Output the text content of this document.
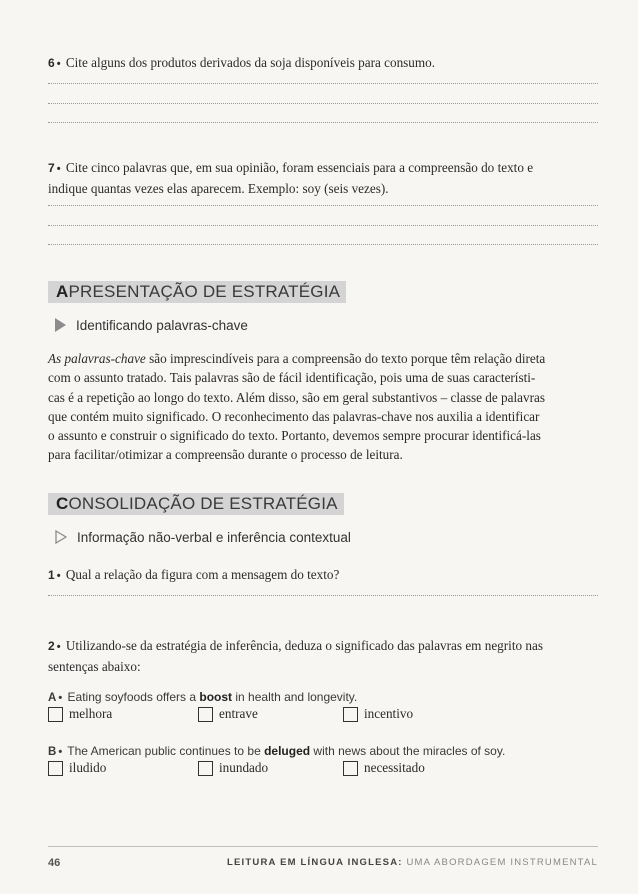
6 • Cite alguns dos produtos derivados da soja disponíveis para consumo.
7 • Cite cinco palavras que, em sua opinião, foram essenciais para a compreensão do texto e
indique quantas vezes elas aparecem. Exemplo: soy (seis vezes).
APRESENTAÇÃO DE ESTRATÉGIA
Identificando palavras-chave
As palavras-chave são imprescindíveis para a compreensão do texto porque têm relação direta
com o assunto tratado. Tais palavras são de fácil identificação, pois uma de suas característi-
cas é a repetição ao longo do texto. Além disso, são em geral substantivos – classe de palavras
que contém muito significado. O reconhecimento das palavras-chave nos auxilia a identificar
o assunto e construir o significado do texto. Portanto, devemos sempre procurar identificá-las
para facilitar/otimizar a compreensão durante o processo de leitura.
CONSOLIDAÇÃO DE ESTRATÉGIA
Informação não-verbal e inferência contextual
1 • Qual a relação da figura com a mensagem do texto?
2 • Utilizando-se da estratégia de inferência, deduza o significado das palavras em negrito nas
sentenças abaixo:
A • Eating soyfoods offers a boost in health and longevity.
melhora	entrave	incentivo
B • The American public continues to be deluged with news about the miracles of soy.
iludido	inundado	necessitado
46	LEITURA EM LÍNGUA INGLESA: UMA ABORDAGEM INSTRUMENTAL
